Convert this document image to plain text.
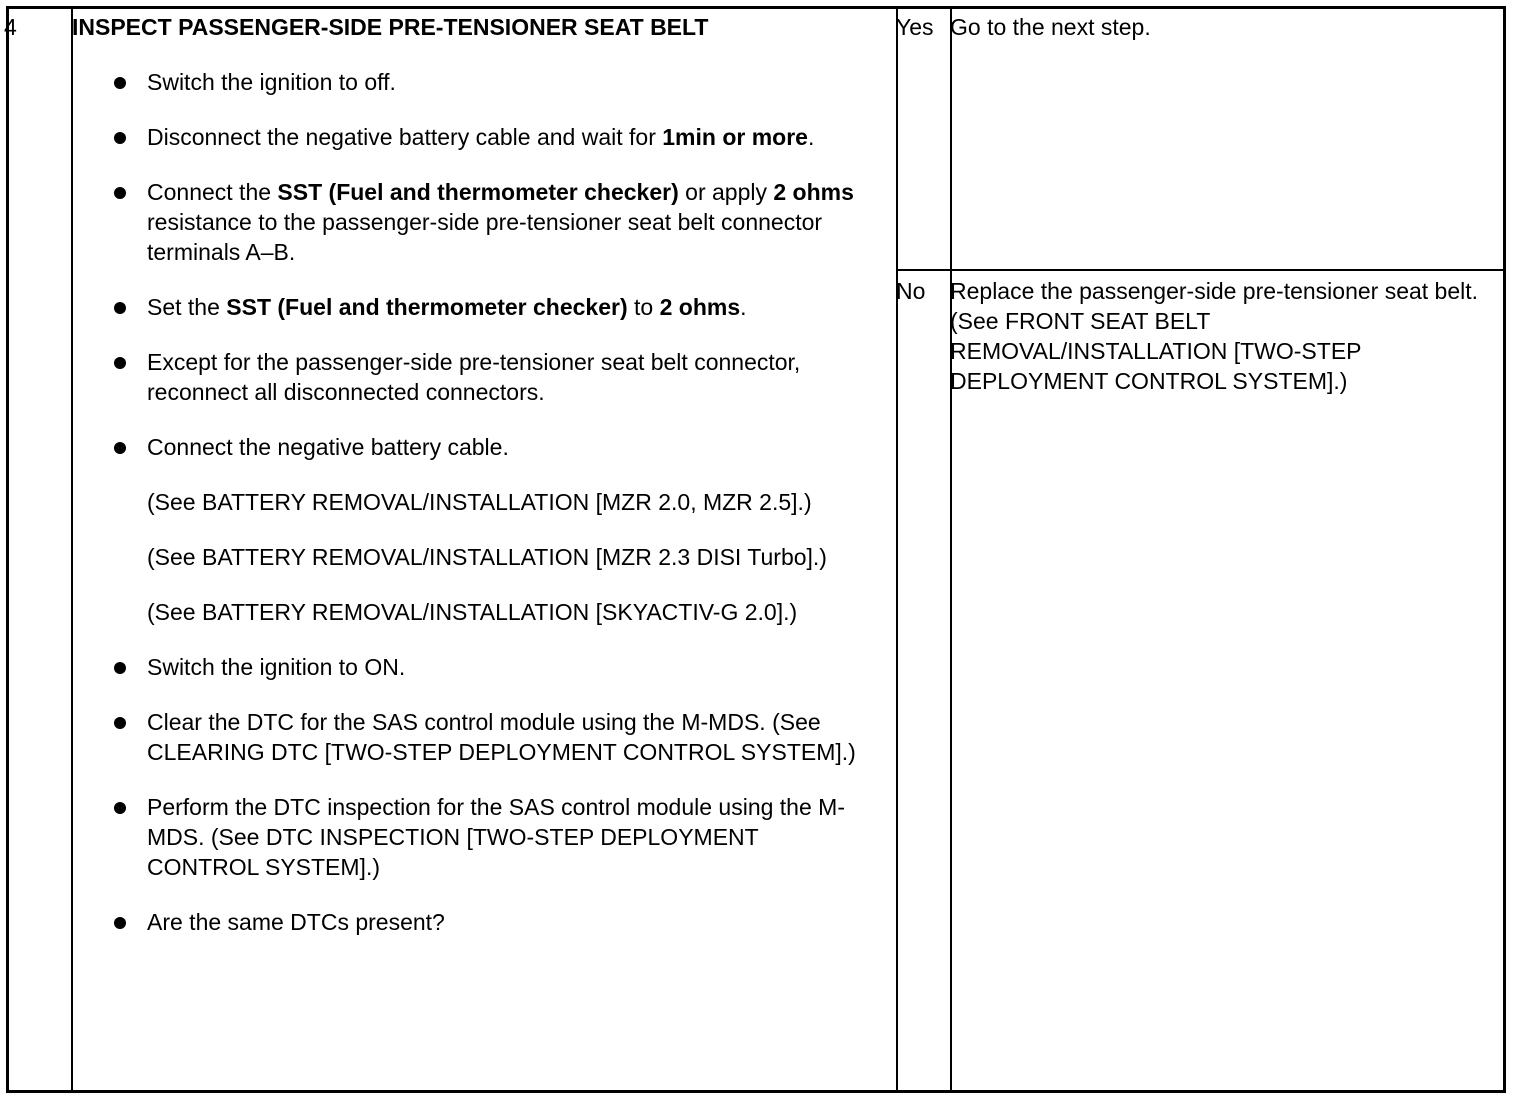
4 INSPECT PASSENGER-SIDE PRE-TENSIONER SEAT BELT
Switch the ignition to off.
Disconnect the negative battery cable and wait for 1min or more.
Connect the SST (Fuel and thermometer checker) or apply 2 ohms resistance to the passenger-side pre-tensioner seat belt connector terminals A–B.
Set the SST (Fuel and thermometer checker) to 2 ohms.
Except for the passenger-side pre-tensioner seat belt connector, reconnect all disconnected connectors.
Connect the negative battery cable.
(See BATTERY REMOVAL/INSTALLATION [MZR 2.0, MZR 2.5].)
(See BATTERY REMOVAL/INSTALLATION [MZR 2.3 DISI Turbo].)
(See BATTERY REMOVAL/INSTALLATION [SKYACTIV-G 2.0].)
Switch the ignition to ON.
Clear the DTC for the SAS control module using the M-MDS. (See CLEARING DTC [TWO-STEP DEPLOYMENT CONTROL SYSTEM].)
Perform the DTC inspection for the SAS control module using the M-MDS. (See DTC INSPECTION [TWO-STEP DEPLOYMENT CONTROL SYSTEM].)
Are the same DTCs present?
Yes Go to the next step.
No Replace the passenger-side pre-tensioner seat belt. (See FRONT SEAT BELT REMOVAL/INSTALLATION [TWO-STEP DEPLOYMENT CONTROL SYSTEM].)
